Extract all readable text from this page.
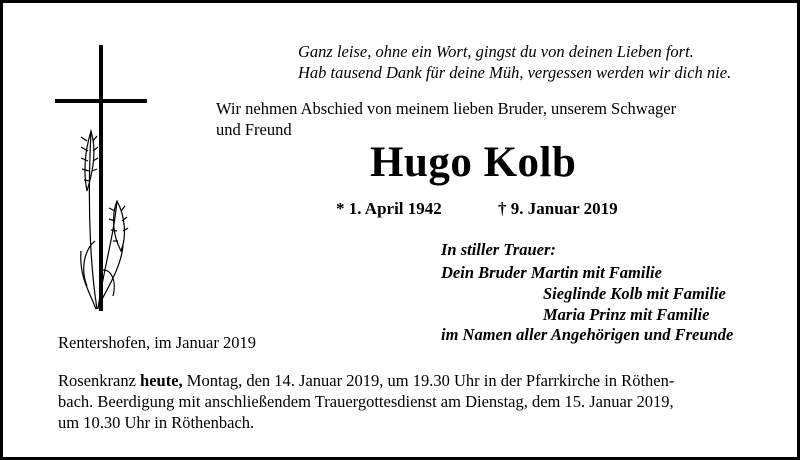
Ganz leise, ohne ein Wort, gingst du von deinen Lieben fort.
Hab tausend Dank für deine Müh, vergessen werden wir dich nie.
Wir nehmen Abschied von meinem lieben Bruder, unserem Schwager
und Freund
Hugo Kolb
* 1. April 1942	† 9. Januar 2019
In stiller Trauer:
Dein Bruder Martin mit Familie
Sieglinde Kolb mit Familie
Maria Prinz mit Familie
im Namen aller Angehörigen und Freunde
Rentershofen, im Januar 2019
Rosenkranz heute, Montag, den 14. Januar 2019, um 19.30 Uhr in der Pfarrkirche in Röthen-
bach. Beerdigung mit anschließendem Trauergottesdienst am Dienstag, dem 15. Januar 2019,
um 10.30 Uhr in Röthenbach.
